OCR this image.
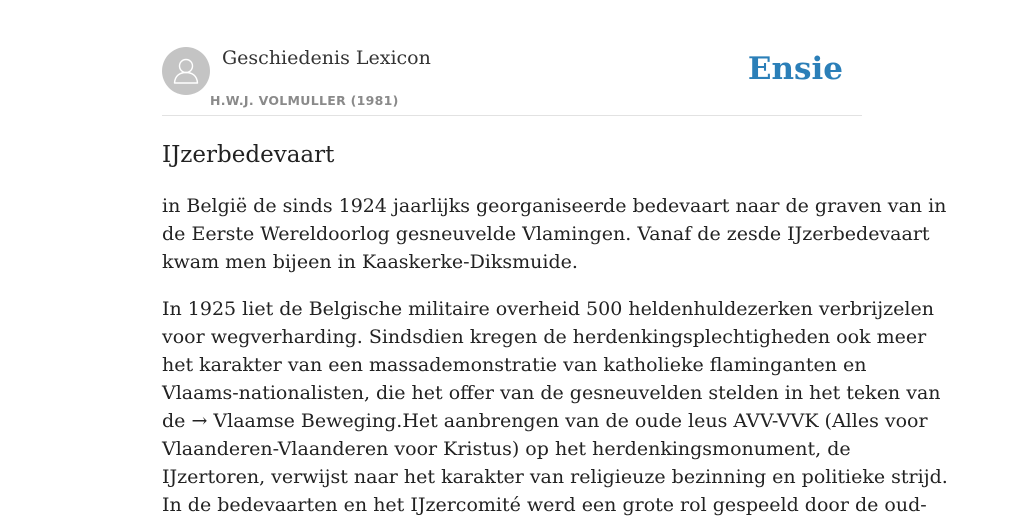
Geschiedenis Lexicon
H.W.J. VOLMULLER (1981)
Ensie
IJzerbedevaart

in België de sinds 1924 jaarlijks georganiseerde bedevaart naar de graven van in
de Eerste Wereldoorlog gesneuvelde Vlamingen. Vanaf de zesde IJzerbedevaart
kwam men bijeen in Kaaskerke-Diksmuide.

In 1925 liet de Belgische militaire overheid 500 heldenhuldezerken verbrijzelen
voor wegverharding. Sindsdien kregen de herdenkingsplechtigheden ook meer
het karakter van een massademonstratie van katholieke flaminganten en
Vlaams-nationalisten, die het offer van de gesneuvelden stelden in het teken van
de → Vlaamse Beweging.Het aanbrengen van de oude leus AVV-VVK (Alles voor
Vlaanderen-Vlaanderen voor Kristus) op het herdenkingsmonument, de
IJzertoren, verwijst naar het karakter van religieuze bezinning en politieke strijd.
In de bedevaarten en het IJzercomité werd een grote rol gespeeld door de oud-
